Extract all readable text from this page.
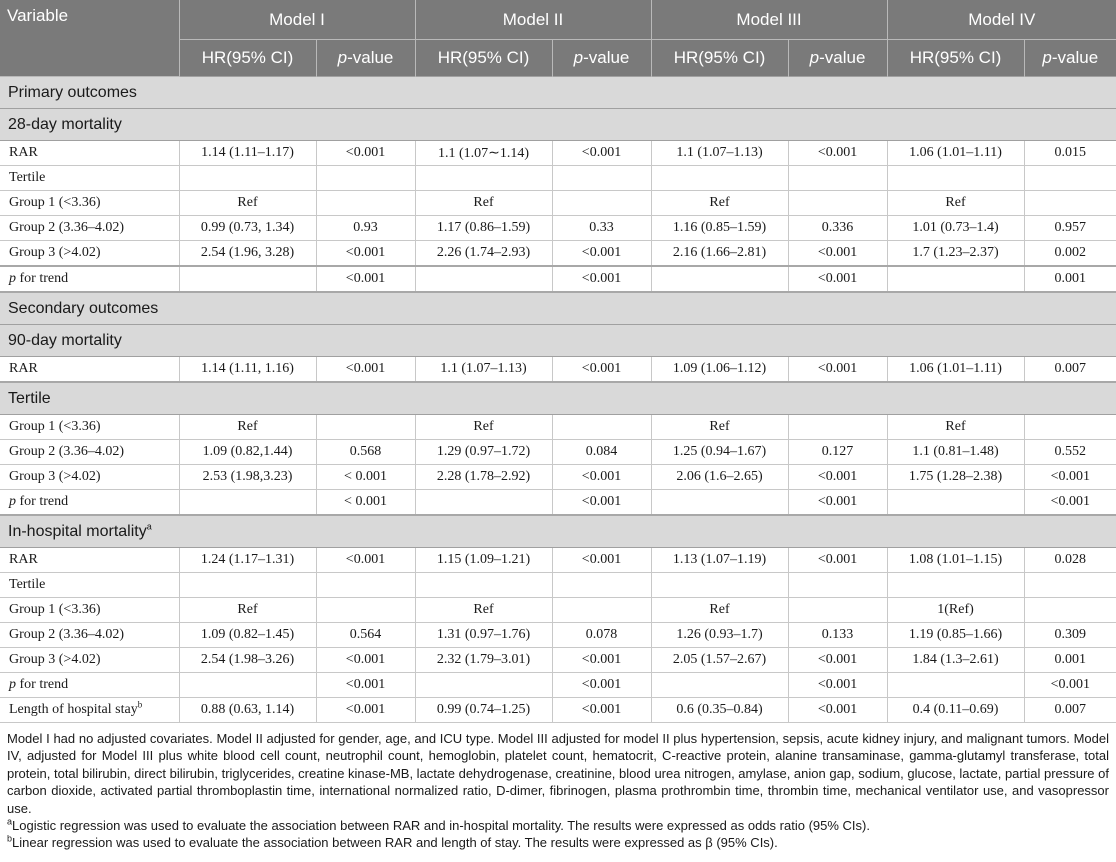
Variable	Model I		Model II		Model III		Model IV	
	HR(95% CI)	p-value	HR(95% CI)	p-value	HR(95% CI)	p-value	HR(95% CI)	p-value
Primary outcomes								
28-day mortality								
RAR	1.14 (1.11–1.17)	<0.001	1.1 (1.07∼1.14)	<0.001	1.1 (1.07–1.13)	<0.001	1.06 (1.01–1.11)	0.015
Tertile								
Group 1 (<3.36)	Ref		Ref		Ref		Ref	
Group 2 (3.36–4.02)	0.99 (0.73, 1.34)	0.93	1.17 (0.86–1.59)	0.33	1.16 (0.85–1.59)	0.336	1.01 (0.73–1.4)	0.957
Group 3 (>4.02)	2.54 (1.96, 3.28)	<0.001	2.26 (1.74–2.93)	<0.001	2.16 (1.66–2.81)	<0.001	1.7 (1.23–2.37)	0.002
p for trend		<0.001		<0.001		<0.001		0.001
Secondary outcomes								
90-day mortality								
RAR	1.14 (1.11, 1.16)	<0.001	1.1 (1.07–1.13)	<0.001	1.09 (1.06–1.12)	<0.001	1.06 (1.01–1.11)	0.007
Tertile								
Group 1 (<3.36)	Ref		Ref		Ref		Ref	
Group 2 (3.36–4.02)	1.09 (0.82,1.44)	0.568	1.29 (0.97–1.72)	0.084	1.25 (0.94–1.67)	0.127	1.1 (0.81–1.48)	0.552
Group 3 (>4.02)	2.53 (1.98,3.23)	< 0.001	2.28 (1.78–2.92)	<0.001	2.06 (1.6–2.65)	<0.001	1.75 (1.28–2.38)	<0.001
p for trend		< 0.001		<0.001		<0.001		<0.001
In-hospital mortality$^a$
RAR	1.24 (1.17–1.31)	<0.001	1.15 (1.09–1.21)	<0.001	1.13 (1.07–1.19)	<0.001	1.08 (1.01–1.15)	0.028
Tertile								
Group 1 (<3.36)	Ref		Ref		Ref		1(Ref)	
Group 2 (3.36–4.02)	1.09 (0.82–1.45)	0.564	1.31 (0.97–1.76)	0.078	1.26 (0.93–1.7)	0.133	1.19 (0.85–1.66)	0.309
Group 3 (>4.02)	2.54 (1.98–3.26)	<0.001	2.32 (1.79–3.01)	<0.001	2.05 (1.57–2.67)	<0.001	1.84 (1.3–2.61)	0.001
p for trend		<0.001		<0.001		<0.001		<0.001
Length of hospital stay$^b$	0.88 (0.63, 1.14)	<0.001	0.99 (0.74–1.25)	<0.001	0.6 (0.35–0.84)	<0.001	0.4 (0.11–0.69)	0.007

Model I had no adjusted covariates. Model II adjusted for gender, age, and ICU type. Model III adjusted for model II plus hypertension, sepsis, acute kidney injury, and malignant tumors. Model IV, adjusted for Model III plus white blood cell count, neutrophil count, hemoglobin, platelet count, hematocrit, C-reactive protein, alanine transaminase, gamma-glutamyl transferase, total protein, total bilirubin, direct bilirubin, triglycerides, creatine kinase-MB, lactate dehydrogenase, creatinine, blood urea nitrogen, amylase, anion gap, sodium, glucose, lactate, partial pressure of carbon dioxide, activated partial thromboplastin time, international normalized ratio, D-dimer, fibrinogen, plasma prothrombin time, thrombin time, mechanical ventilator use, and vasopressor use.

$^a$Logistic regression was used to evaluate the association between RAR and in-hospital mortality. The results were expressed as odds ratio (95% CIs).

$^b$Linear regression was used to evaluate the association between RAR and length of stay. The results were expressed as β (95% CIs).
